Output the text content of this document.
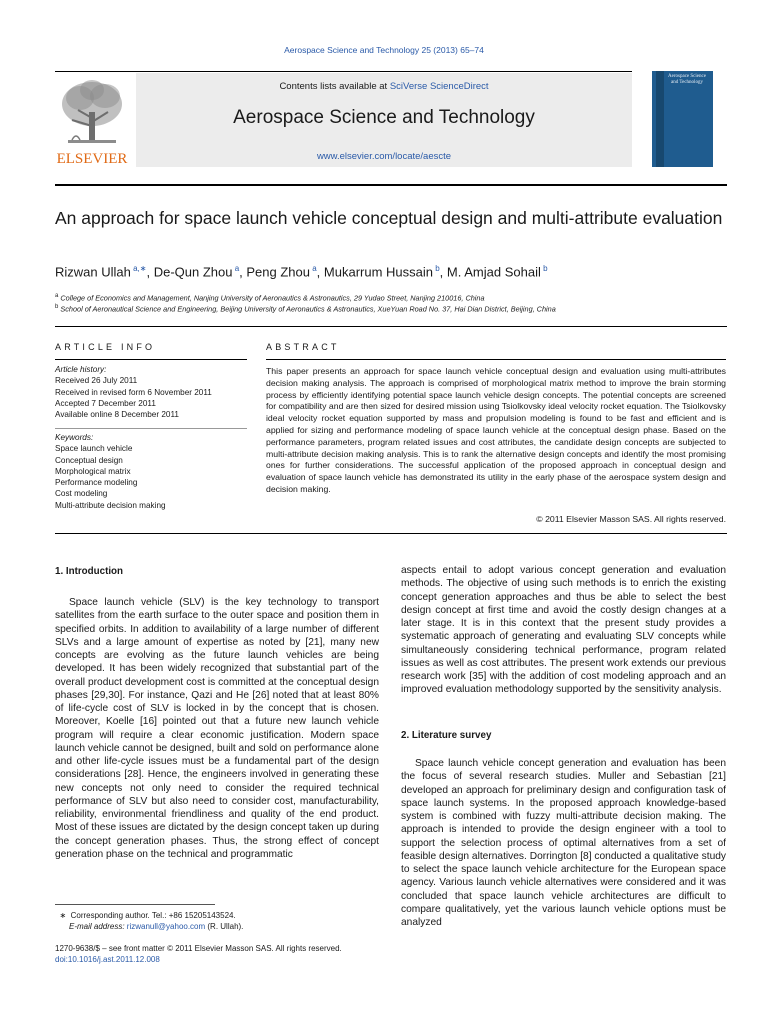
Aerospace Science and Technology 25 (2013) 65–74
ELSEVIER
Contents lists available at SciVerse ScienceDirect
Aerospace Science and Technology
www.elsevier.com/locate/aescte
Aerospace Science and Technology
An approach for space launch vehicle conceptual design and multi-attribute evaluation
Rizwan Ullah $^{a,∗}$, De-Qun Zhou $^a$, Peng Zhou $^a$, Mukarrum Hussain $^b$, M. Amjad Sohail $^b$
$^a$ College of Economics and Management, Nanjing University of Aeronautics & Astronautics, 29 Yudao Street, Nanjing 210016, China
$^b$ School of Aeronautical Science and Engineering, Beijing University of Aeronautics & Astronautics, XueYuan Road No. 37, Hai Dian District, Beijing, China
ARTICLE INFO
Article history:
Received 26 July 2011
Received in revised form 6 November 2011
Accepted 7 December 2011
Available online 8 December 2011
Keywords:
Space launch vehicle
Conceptual design
Morphological matrix
Performance modeling
Cost modeling
Multi-attribute decision making
ABSTRACT
This paper presents an approach for space launch vehicle conceptual design and evaluation using multi-attributes decision making analysis. The approach is comprised of morphological matrix method to improve the brain storming process by efficiently identifying potential space launch vehicle design concepts. The potential concepts are screened for compatibility and are then sized for desired mission using Tsiolkovsky ideal velocity rocket equation. The Tsiolkovsky ideal velocity rocket equation supported by mass and propulsion modeling is found to be fast and efficient and is applied for sizing and performance modeling of space launch vehicle at the conceptual design phase. Based on the performance parameters, program related issues and cost attributes, the candidate design concepts are subjected to multi-attribute decision making analysis. This is to rank the alternative design concepts and identify the most promising ones for further considerations. The successful application of the proposed approach in conceptual design and evaluation of space launch vehicle has demonstrated its utility in the early phase of the aerospace system design and decision making.
© 2011 Elsevier Masson SAS. All rights reserved.
1. Introduction

Space launch vehicle (SLV) is the key technology to transport satellites from the earth surface to the outer space and position them in specified orbits. In addition to availability of a large number of different SLVs and a large amount of expertise as noted by [21], many new concepts are evolving as the future launch vehicles are being developed. It has been widely recognized that substantial part of the overall product development cost is committed at the conceptual design phases [29,30]. For instance, Qazi and He [26] noted that at least 80% of life-cycle cost of SLV is locked in by the concept that is chosen. Moreover, Koelle [16] pointed out that a future new launch vehicle program will require a clear economic justification. Modern space launch vehicle cannot be designed, built and sold on performance alone and other life-cycle issues must be a fundamental part of the design considerations [28]. Hence, the engineers involved in generating these new concepts not only need to consider the required technical performance of SLV but also need to consider cost, manufacturability, reliability, environmental friendliness and quality of the end product. Most of these issues are dictated by the design concept taken up during the concept generation phases. Thus, the strong effect of concept generation phase on the technical and programmatic

aspects entail to adopt various concept generation and evaluation methods. The objective of using such methods is to enrich the existing concept generation approaches and thus be able to select the best design concept at first time and avoid the costly design changes at a later stage. It is in this context that the present study provides a systematic approach of generating and evaluating SLV concepts while simultaneously considering technical performance, program related issues as well as cost attributes. The present work extends our previous research work [35] with the addition of cost modeling approach and an improved evaluation methodology supported by the sensitivity analysis.

2. Literature survey

Space launch vehicle concept generation and evaluation has been the focus of several research studies. Muller and Sebastian [21] developed an approach for preliminary design and configuration task of space launch systems. In the proposed approach knowledge-based system is combined with fuzzy multi-attribute decision making. The approach is intended to provide the design engineer with a tool to support the selection process of optimal alternatives from a set of feasible design alternatives. Dorrington [8] conducted a qualitative study to select the space launch vehicle architecture for the European space agency. Various launch vehicle alternatives were considered and it was concluded that space launch vehicle architectures are difficult to compare qualitatively, yet the various launch vehicle options must be analyzed

∗  Corresponding author. Tel.: +86 15205143524.
E-mail address: rizwanull@yahoo.com (R. Ullah).
1270-9638/$ – see front matter © 2011 Elsevier Masson SAS. All rights reserved.
doi:10.1016/j.ast.2011.12.008
